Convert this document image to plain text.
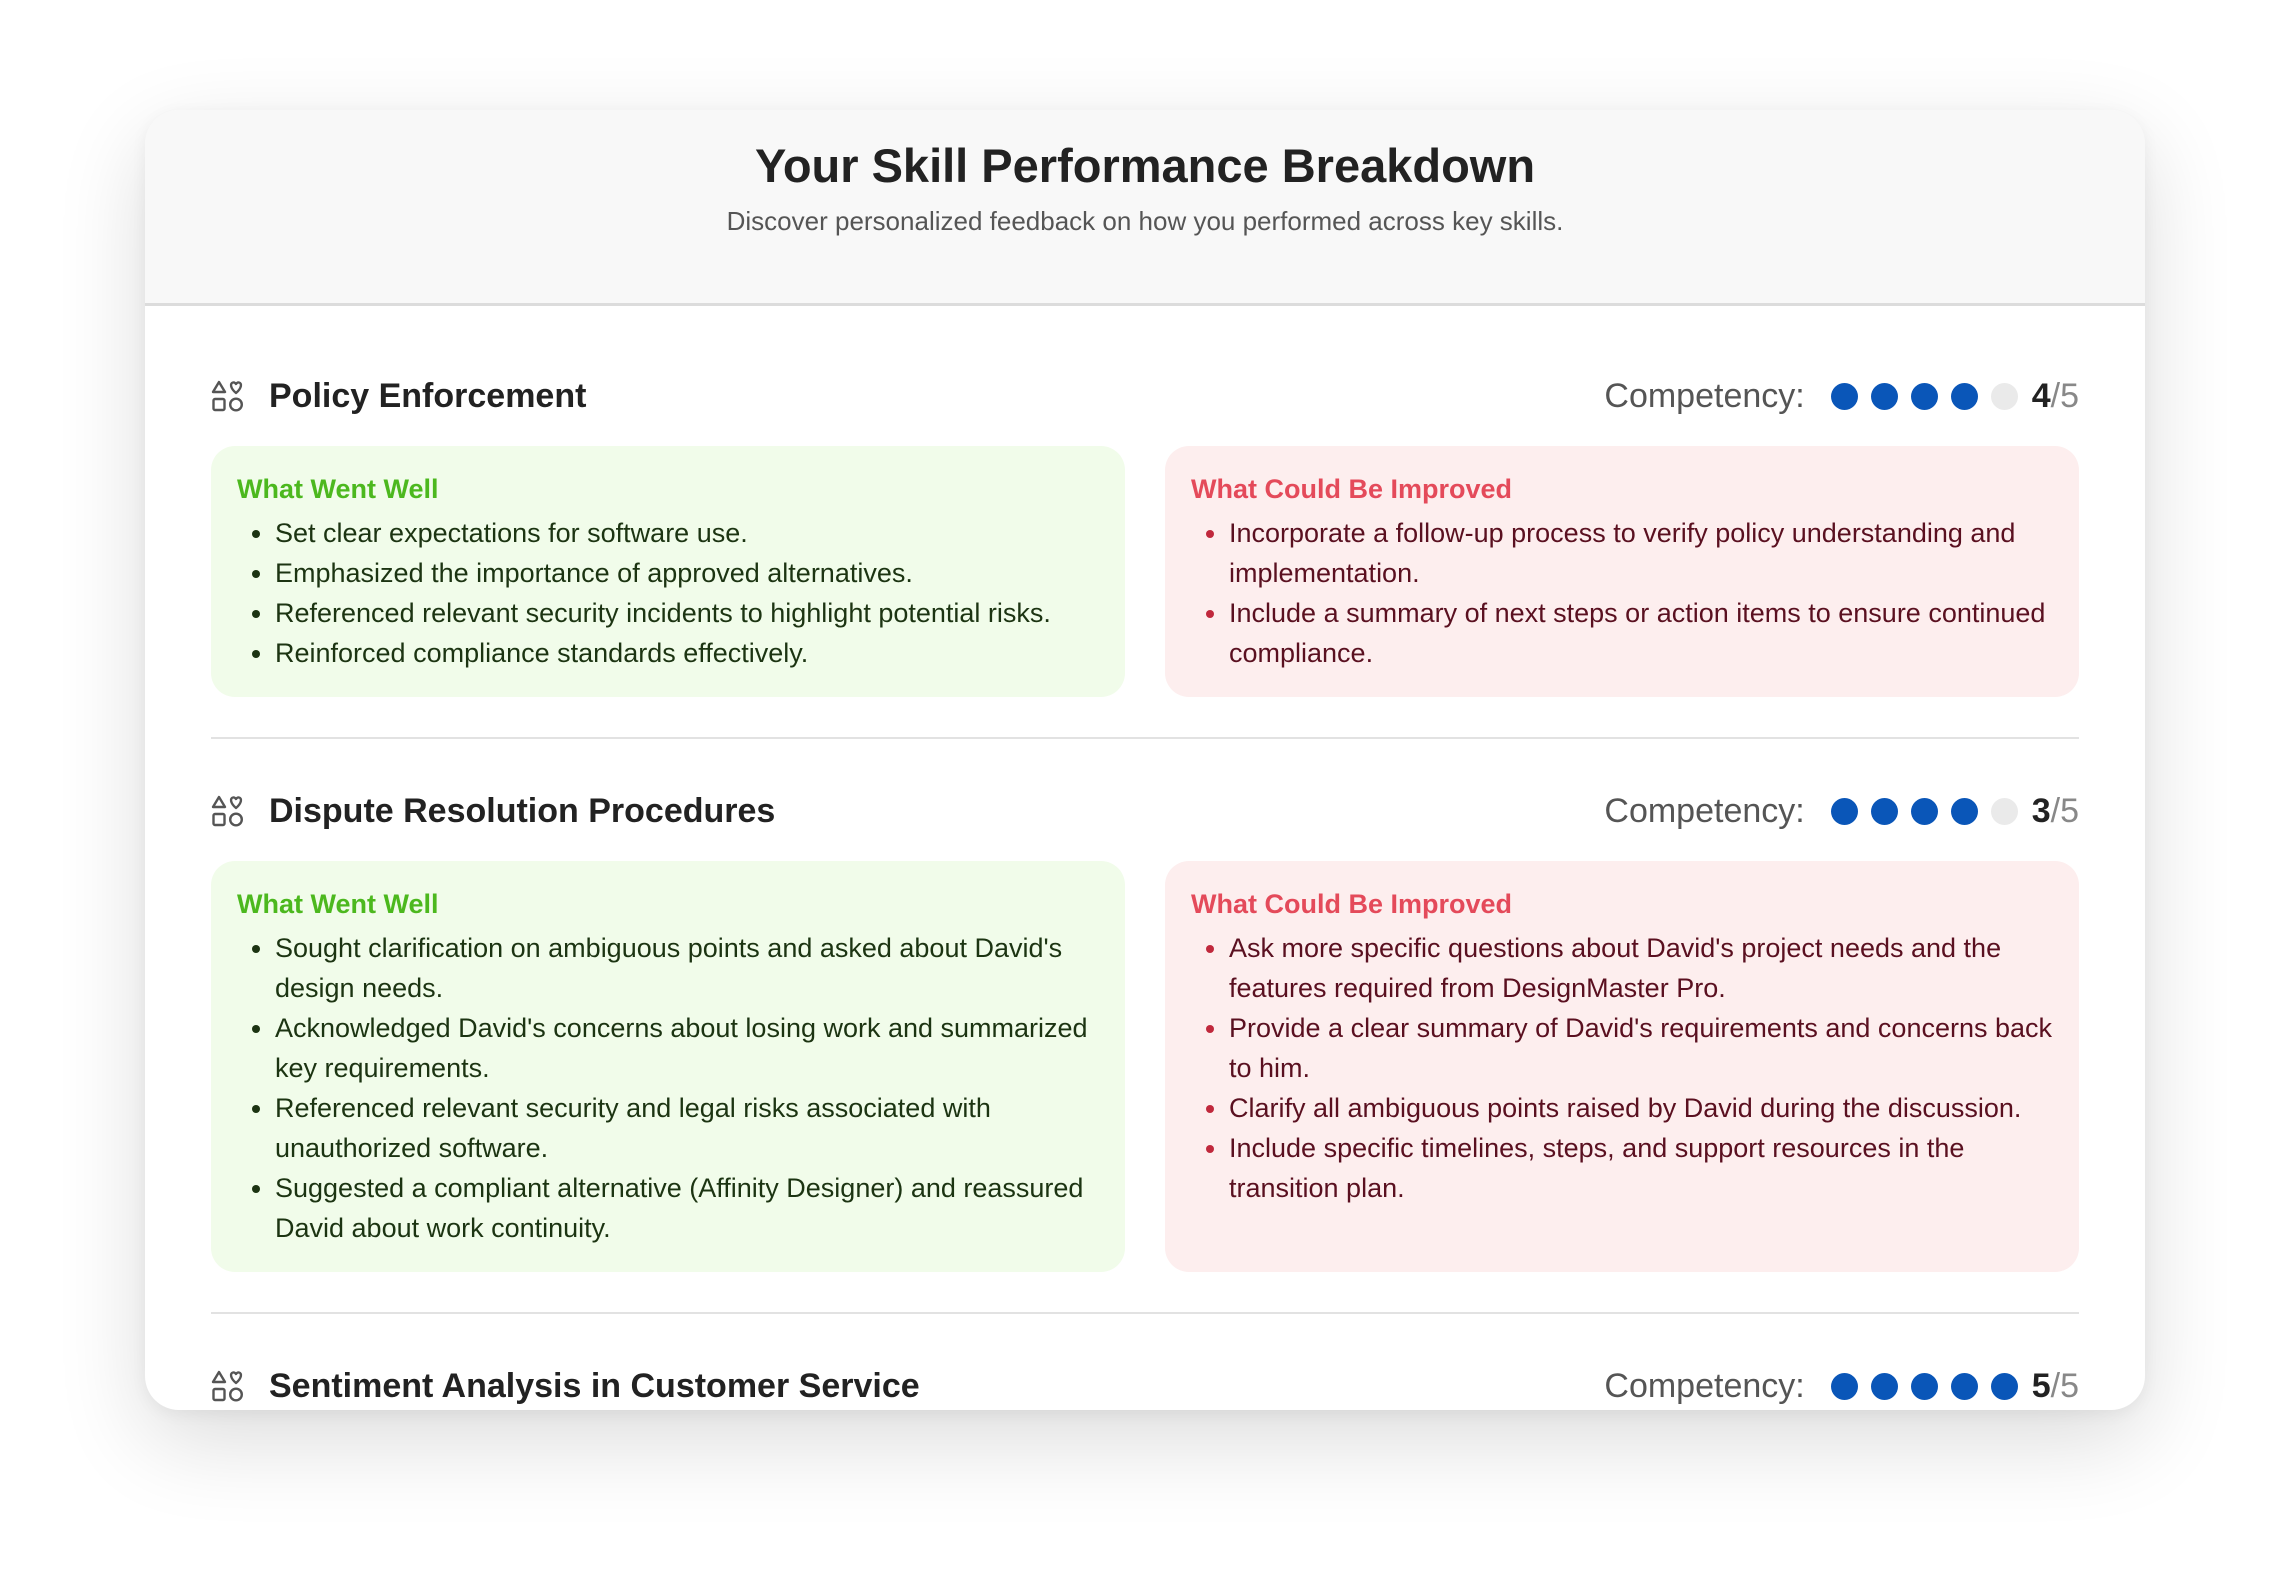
Your Skill Performance Breakdown
Discover personalized feedback on how you performed across key skills.
Policy Enforcement	Competency:	4 /5
What Went Well
• Set clear expectations for software use.
• Emphasized the importance of approved alternatives.
• Referenced relevant security incidents to highlight potential risks.
• Reinforced compliance standards effectively.
What Could Be Improved
• Incorporate a follow-up process to verify policy understanding and implementation.
• Include a summary of next steps or action items to ensure continued compliance.
Dispute Resolution Procedures	Competency:	3 /5
What Went Well
• Sought clarification on ambiguous points and asked about David's design needs.
• Acknowledged David's concerns about losing work and summarized key requirements.
• Referenced relevant security and legal risks associated with unauthorized software.
• Suggested a compliant alternative (Affinity Designer) and reassured David about work continuity.
What Could Be Improved
• Ask more specific questions about David's project needs and the features required from DesignMaster Pro.
• Provide a clear summary of David's requirements and concerns back to him.
• Clarify all ambiguous points raised by David during the discussion.
• Include specific timelines, steps, and support resources in the transition plan.
Sentiment Analysis in Customer Service	Competency:	5 /5
